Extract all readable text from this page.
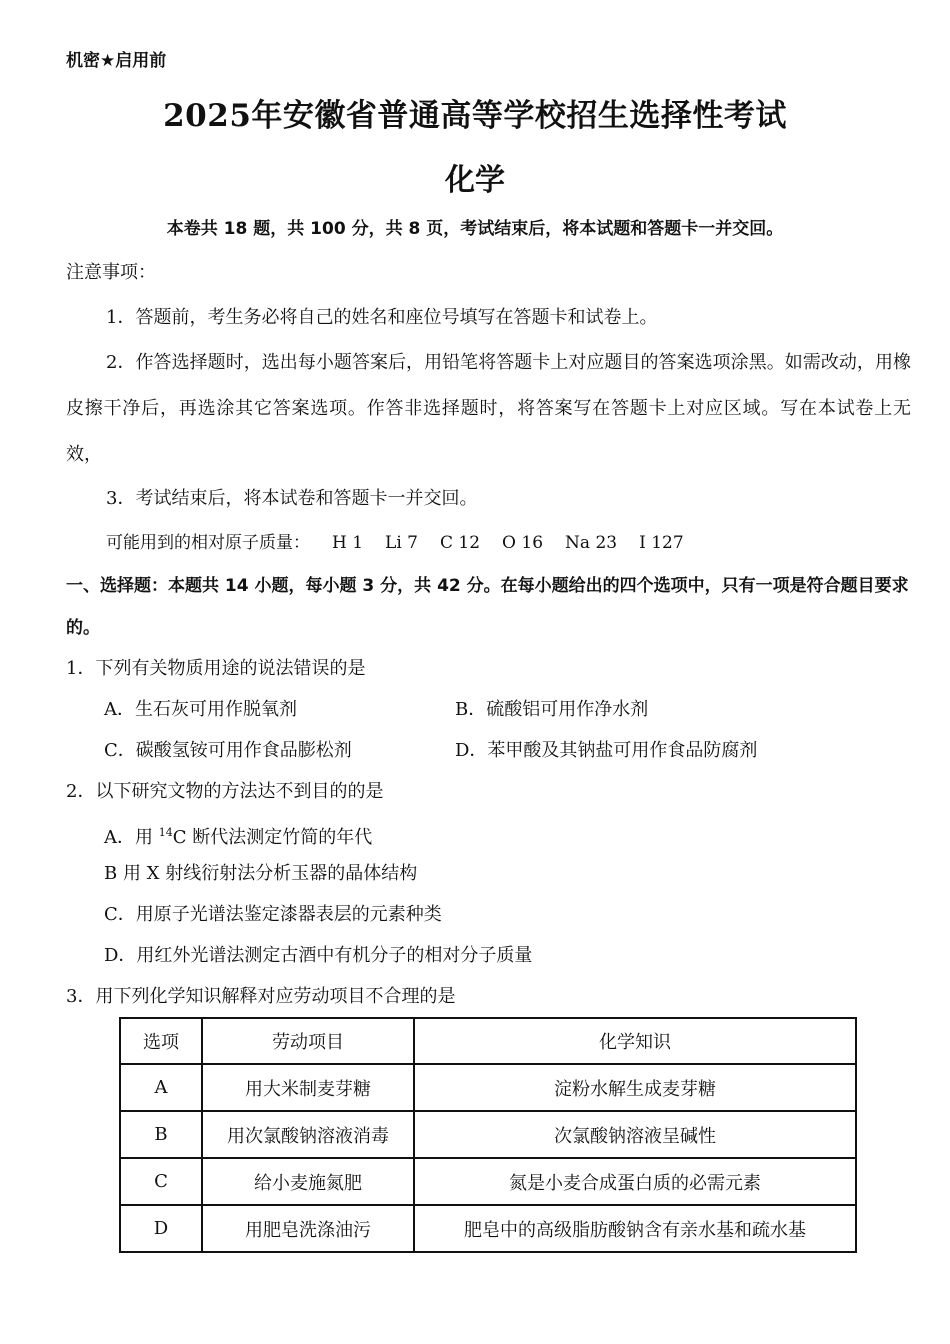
机密★启用前
2025年安徽省普通高等学校招生选择性考试
化学
本卷共 18 题，共 100 分，共 8 页，考试结束后，将本试题和答题卡一并交回。
注意事项：
1．答题前，考生务必将自己的姓名和座位号填写在答题卡和试卷上。
2．作答选择题时，选出每小题答案后，用铅笔将答题卡上对应题目的答案选项涂黑。如需改动，用橡皮擦干净后，再选涂其它答案选项。作答非选择题时，将答案写在答题卡上对应区域。写在本试卷上无效，
3．考试结束后，将本试卷和答题卡一并交回。
可能用到的相对原子质量： H 1 Li 7 C 12 O 16 Na 23 I 127
一、选择题：本题共 14 小题，每小题 3 分，共 42 分。在每小题给出的四个选项中，只有一项是符合题目要求的。
1．下列有关物质用途的说法错误的是
A．生石灰可用作脱氧剂	B．硫酸铝可用作净水剂
C．碳酸氢铵可用作食品膨松剂	D．苯甲酸及其钠盐可用作食品防腐剂
2．以下研究文物的方法达不到目的的是
A．用 $^{14}$C 断代法测定竹简的年代
B 用 X 射线衍射法分析玉器的晶体结构
C．用原子光谱法鉴定漆器表层的元素种类
D．用红外光谱法测定古酒中有机分子的相对分子质量
3．用下列化学知识解释对应劳动项目不合理的是
选项	劳动项目	化学知识
A	用大米制麦芽糖	淀粉水解生成麦芽糖
B	用次氯酸钠溶液消毒	次氯酸钠溶液呈碱性
C	给小麦施氮肥	氮是小麦合成蛋白质的必需元素
D	用肥皂洗涤油污	肥皂中的高级脂肪酸钠含有亲水基和疏水基
